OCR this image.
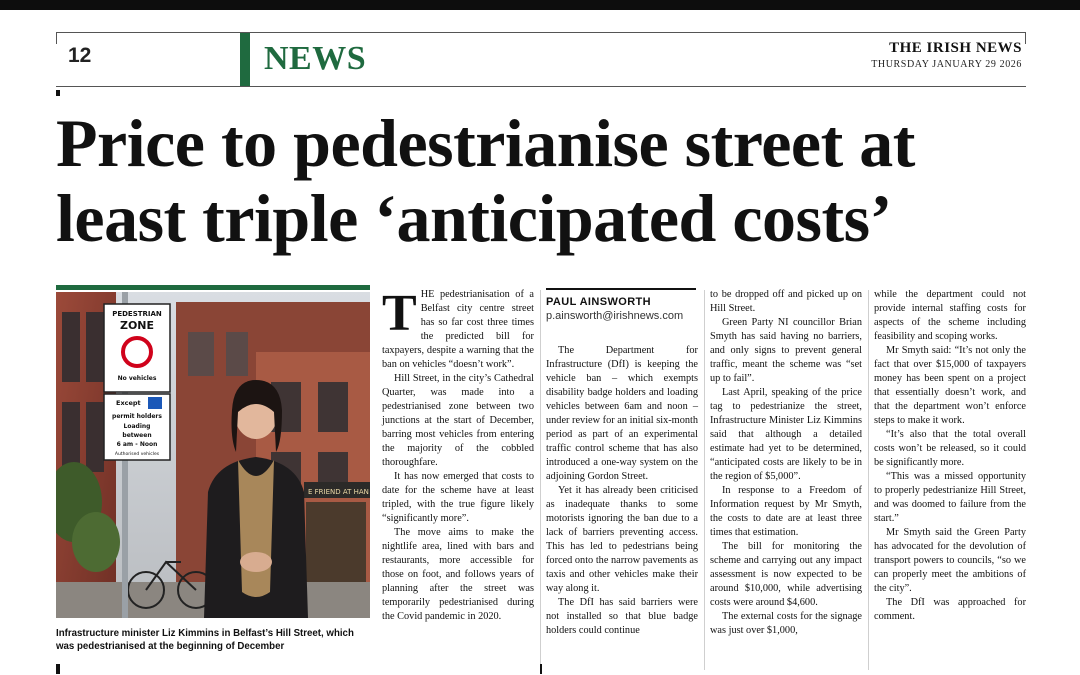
12	NEWS	THE IRISH NEWS
THURSDAY JANUARY 29 2026
Price to pedestrianise street at least triple ‘anticipated costs’
E FRIEND AT HAN
PEDESTRIAN
ZONE
No vehicles
Except
permit holders
Loading
between
6 am - Noon
Authorised vehicles
Infrastructure minister Liz Kimmins in Belfast’s Hill Street, which was pedestrianised at the beginning of December

THE pedestrianisation of a Belfast city centre street has so far cost three times the predicted bill for taxpayers, despite a warning that the ban on vehicles “doesn’t work”.

Hill Street, in the city’s Cathedral Quarter, was made into a pedestrianised zone between two junctions at the start of December, barring most vehicles from entering the majority of the cobbled thoroughfare.

It has now emerged that costs to date for the scheme have at least tripled, with the true figure likely “significantly more”.

The move aims to make the nightlife area, lined with bars and restaurants, more accessible for those on foot, and follows years of planning after the street was temporarily pedestrianised during the Covid pandemic in 2020.

PAUL AINSWORTH
p.ainsworth@irishnews.com

The Department for Infrastructure (DfI) is keeping the vehicle ban – which exempts disability badge holders and loading vehicles between 6am and noon – under review for an initial six-month period as part of an experimental traffic control scheme that has also introduced a one-way system on the adjoining Gordon Street.

Yet it has already been criticised as inadequate thanks to some motorists ignoring the ban due to a lack of barriers preventing access. This has led to pedestrians being forced onto the narrow pavements as taxis and other vehicles make their way along it.

The DfI has said barriers were not installed so that blue badge holders could continue

to be dropped off and picked up on Hill Street.

Green Party NI councillor Brian Smyth has said having no barriers, and only signs to prevent general traffic, meant the scheme was “set up to fail”.

Last April, speaking of the price tag to pedestrianize the street, Infrastructure Minister Liz Kimmins said that although a detailed estimate had yet to be determined, “anticipated costs are likely to be in the region of $5,000”.

In response to a Freedom of Information request by Mr Smyth, the costs to date are at least three times that estimation.

The bill for monitoring the scheme and carrying out any impact assessment is now expected to be around $10,000, while advertising costs were around $4,600.

The external costs for the signage was just over $1,000,

while the department could not provide internal staffing costs for aspects of the scheme including feasibility and scoping works.

Mr Smyth said: “It’s not only the fact that over $15,000 of taxpayers money has been spent on a project that essentially doesn’t work, and that the department won’t enforce steps to make it work.

“It’s also that the total overall costs won’t be released, so it could be significantly more.

“This was a missed opportunity to properly pedestrianize Hill Street, and was doomed to failure from the start.”

Mr Smyth said the Green Party has advocated for the devolution of transport powers to councils, “so we can properly meet the ambitions of the city”.

The DfI was approached for comment.
